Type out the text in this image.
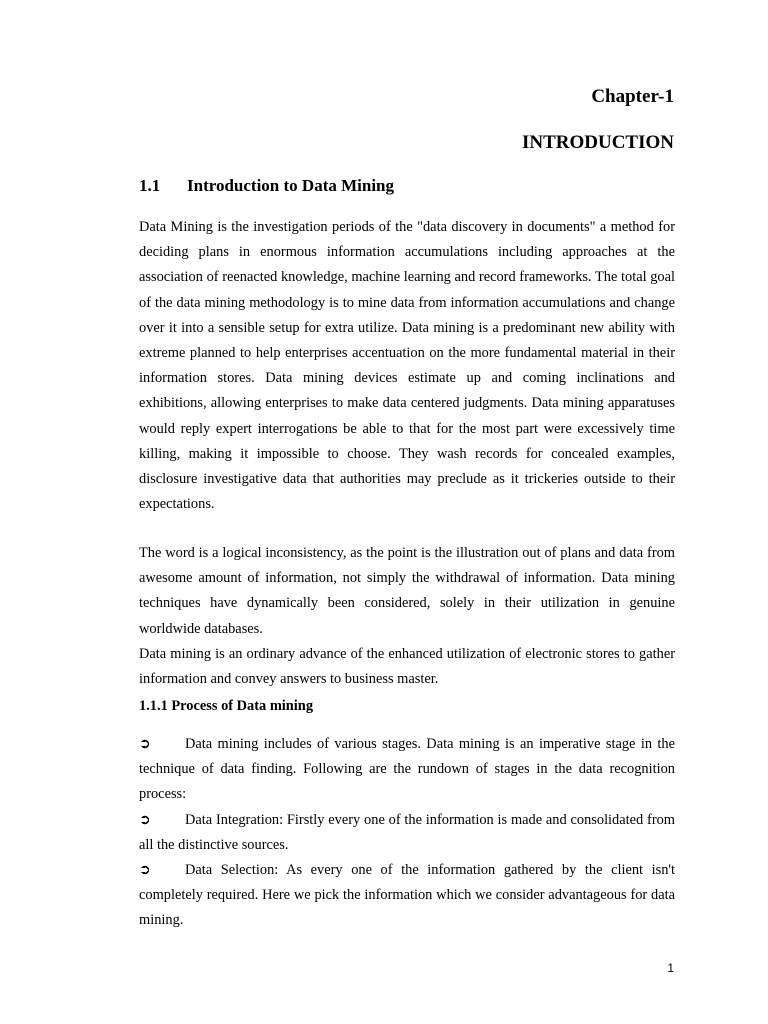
Chapter-1
INTRODUCTION
1.1 Introduction to Data Mining
Data Mining is the investigation periods of the "data discovery in documents" a method for deciding plans in enormous information accumulations including approaches at the association of reenacted knowledge, machine learning and record frameworks. The total goal of the data mining methodology is to mine data from information accumulations and change over it into a sensible setup for extra utilize. Data mining is a predominant new ability with extreme planned to help enterprises accentuation on the more fundamental material in their information stores. Data mining devices estimate up and coming inclinations and exhibitions, allowing enterprises to make data centered judgments. Data mining apparatuses would reply expert interrogations be able to that for the most part were excessively time killing, making it impossible to choose. They wash records for concealed examples, disclosure investigative data that authorities may preclude as it trickeries outside to their expectations.
The word is a logical inconsistency, as the point is the illustration out of plans and data from awesome amount of information, not simply the withdrawal of information. Data mining techniques have dynamically been considered, solely in their utilization in genuine worldwide databases.
Data mining is an ordinary advance of the enhanced utilization of electronic stores to gather information and convey answers to business master.
1.1.1 Process of Data mining

➲ Data mining includes of various stages. Data mining is an imperative stage in the technique of data finding. Following are the rundown of stages in the data recognition process:

➲ Data Integration: Firstly every one of the information is made and consolidated from all the distinctive sources.

➲ Data Selection: As every one of the information gathered by the client isn't completely required. Here we pick the information which we consider advantageous for data mining.

1
